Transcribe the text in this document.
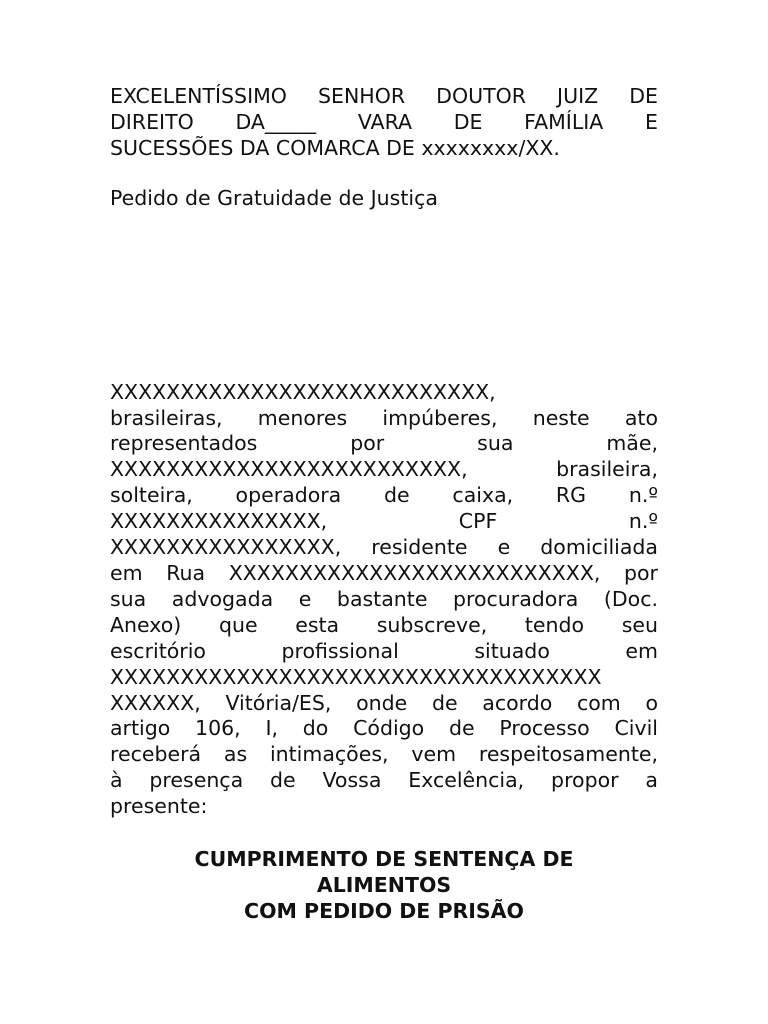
EXCELENTÍSSIMO SENHOR DOUTOR JUIZ DE
DIREITO DA_____ VARA DE FAMÍLIA E
SUCESSÕES DA COMARCA DE xxxxxxxx/XX.
Pedido de Gratuidade de Justiça
XXXXXXXXXXXXXXXXXXXXXXXXXXX,
brasileiras, menores impúberes, neste ato
representados por sua mãe,
XXXXXXXXXXXXXXXXXXXXXXXXX, brasileira,
solteira, operadora de caixa, RG n.º
XXXXXXXXXXXXXXX, CPF n.º
XXXXXXXXXXXXXXXX, residente e domiciliada
em Rua XXXXXXXXXXXXXXXXXXXXXXXXXX, por
sua advogada e bastante procuradora (Doc.
Anexo) que esta subscreve, tendo seu
escritório profissional situado em
XXXXXXXXXXXXXXXXXXXXXXXXXXXXXXXXXXX
XXXXXX, Vitória/ES, onde de acordo com o
artigo 106, I, do Código de Processo Civil
receberá as intimações, vem respeitosamente,
à presença de Vossa Excelência, propor a
presente:
CUMPRIMENTO DE SENTENÇA DE
ALIMENTOS
COM PEDIDO DE PRISÃO
